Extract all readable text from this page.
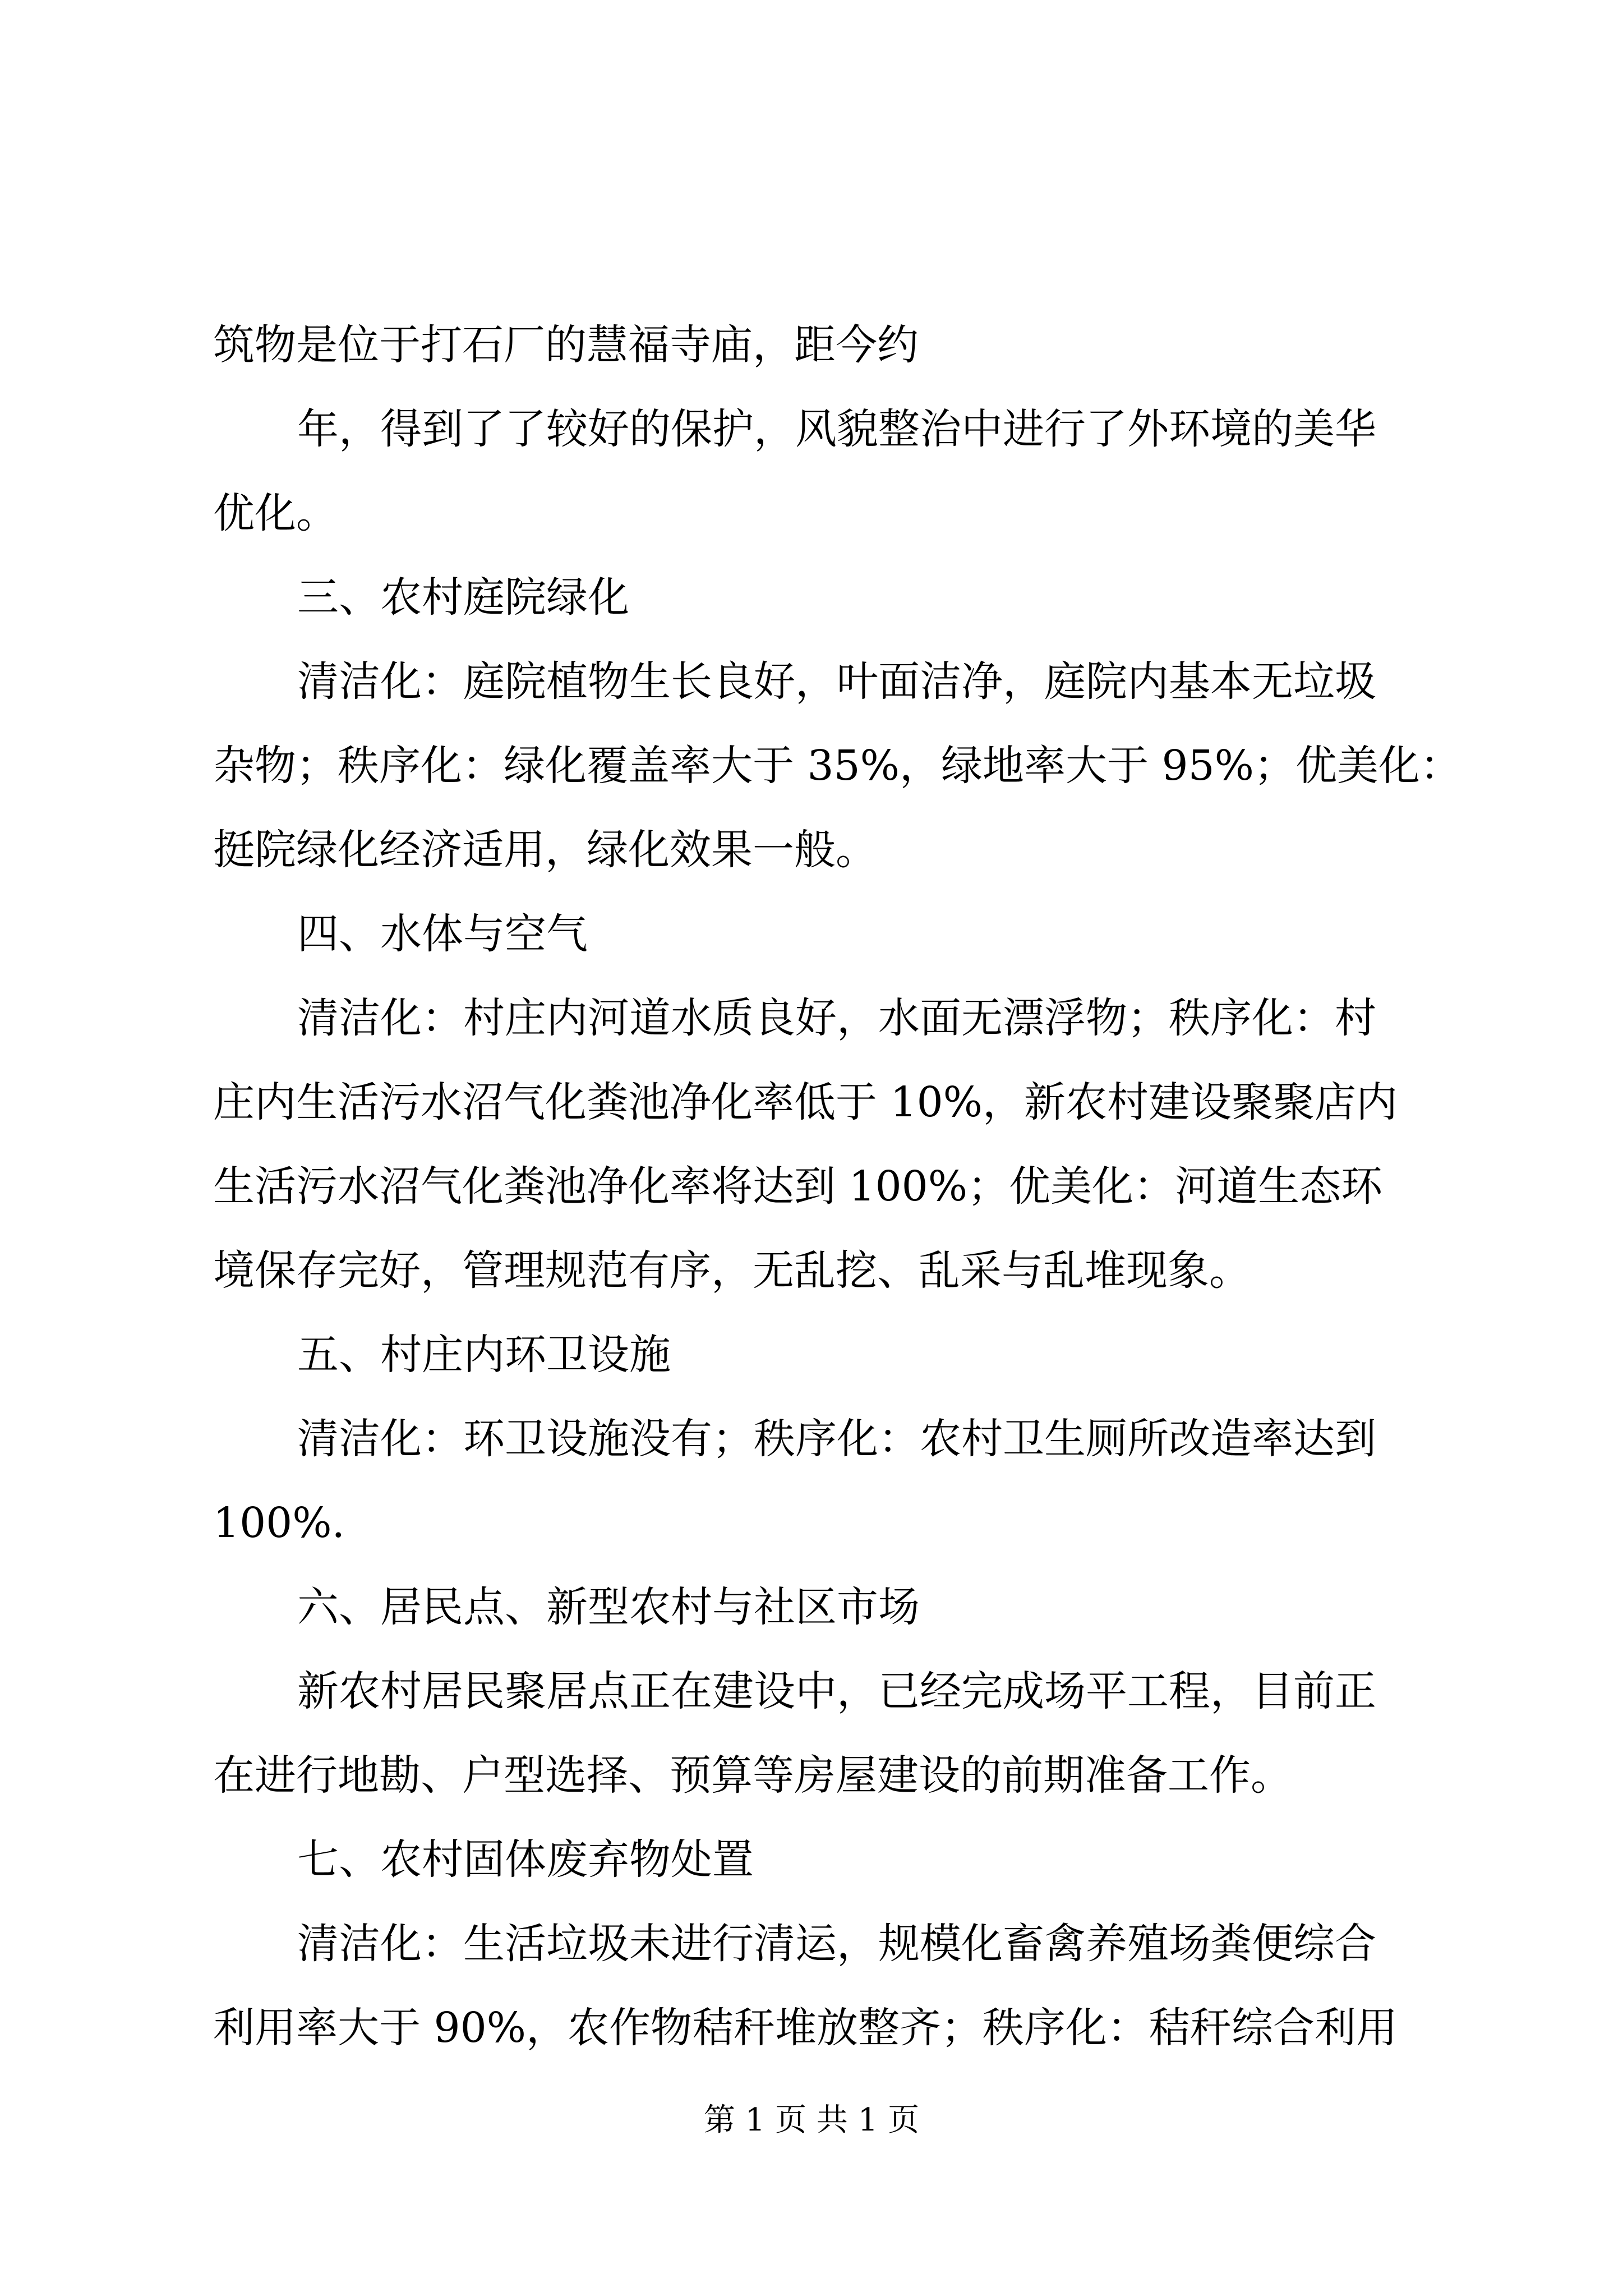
筑物是位于打石厂的慧福寺庙，距今约
年，得到了了较好的保护，风貌整治中进行了外环境的美华
优化。
三、农村庭院绿化
清洁化：庭院植物生长良好，叶面洁净，庭院内基本无垃圾
杂物；秩序化：绿化覆盖率大于 35%，绿地率大于 95%；优美化：
挺院绿化经济适用，绿化效果一般。
四、水体与空气
清洁化：村庄内河道水质良好，水面无漂浮物；秩序化：村
庄内生活污水沼气化粪池净化率低于 10%，新农村建设聚聚店内
生活污水沼气化粪池净化率将达到 100%；优美化：河道生态环
境保存完好，管理规范有序，无乱挖、乱采与乱堆现象。
五、村庄内环卫设施
清洁化：环卫设施没有；秩序化：农村卫生厕所改造率达到
100%.
六、居民点、新型农村与社区市场
新农村居民聚居点正在建设中，已经完成场平工程，目前正
在进行地勘、户型选择、预算等房屋建设的前期准备工作。
七、农村固体废弃物处置
清洁化：生活垃圾未进行清运，规模化畜禽养殖场粪便综合
利用率大于 90%，农作物秸秆堆放整齐；秩序化：秸秆综合利用
第 1 页 共 1 页
